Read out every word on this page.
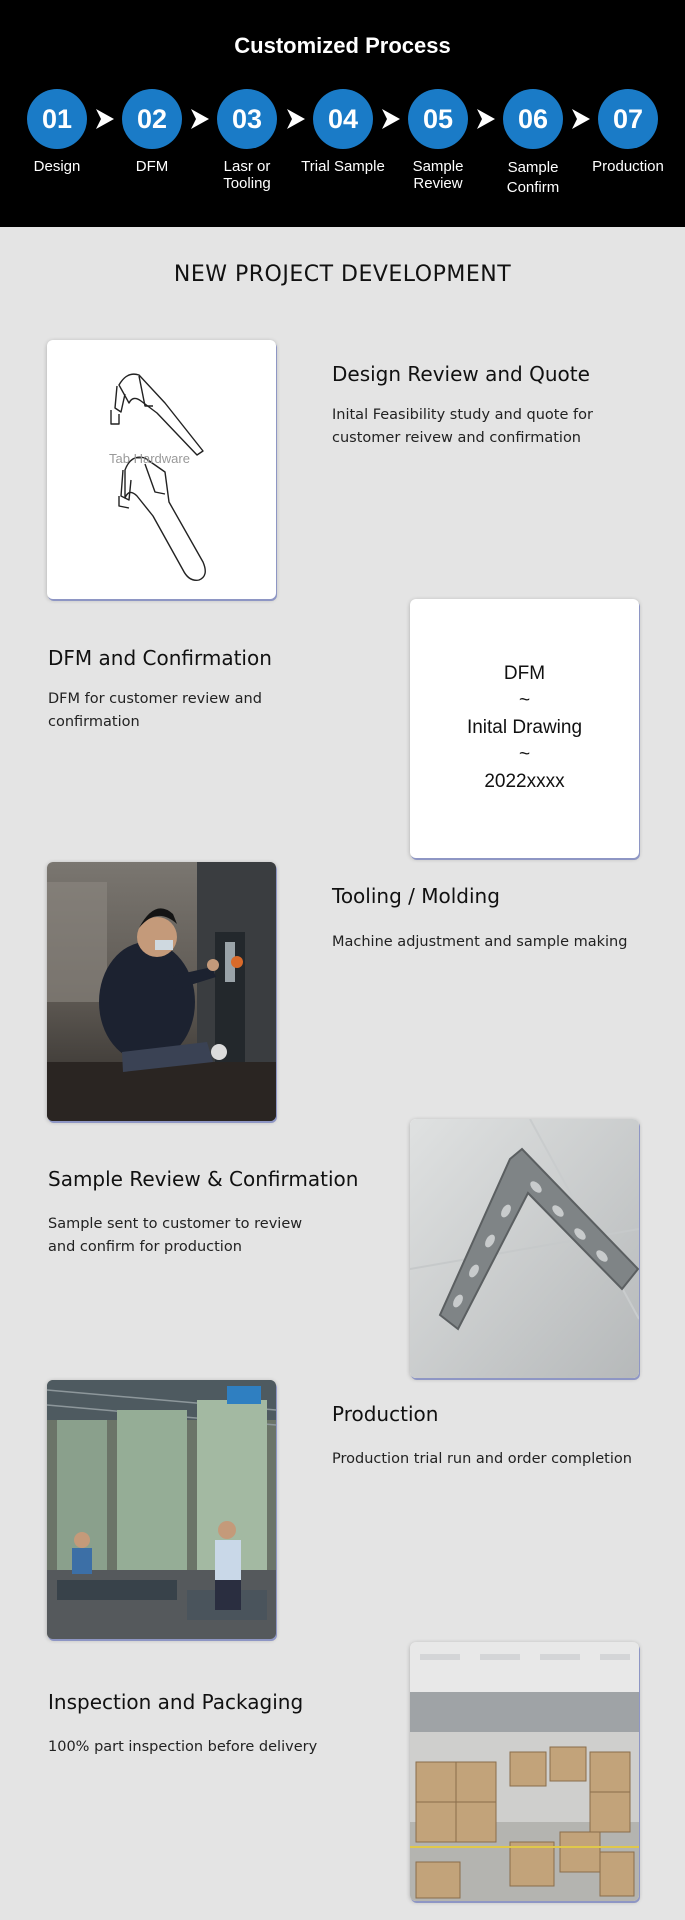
Customized Process
01
Design
02
DFM
03
Lasr or
Tooling
04
Trial Sample
05
Sample
Review
06
Sample
Confirm
07
Production
NEW PROJECT DEVELOPMENT
Tab Hardware
Design Review and Quote
Inital Feasibility study and quote for customer reivew and confirmation
DFM and Confirmation
DFM for customer review and confirmation
DFM
~
Inital Drawing
~
2022xxxx
Tooling / Molding
Machine adjustment and sample making
Sample Review & Confirmation
Sample sent to customer to review and confirm for production
Production
Production trial run and order completion
Inspection and Packaging
100% part inspection before delivery
